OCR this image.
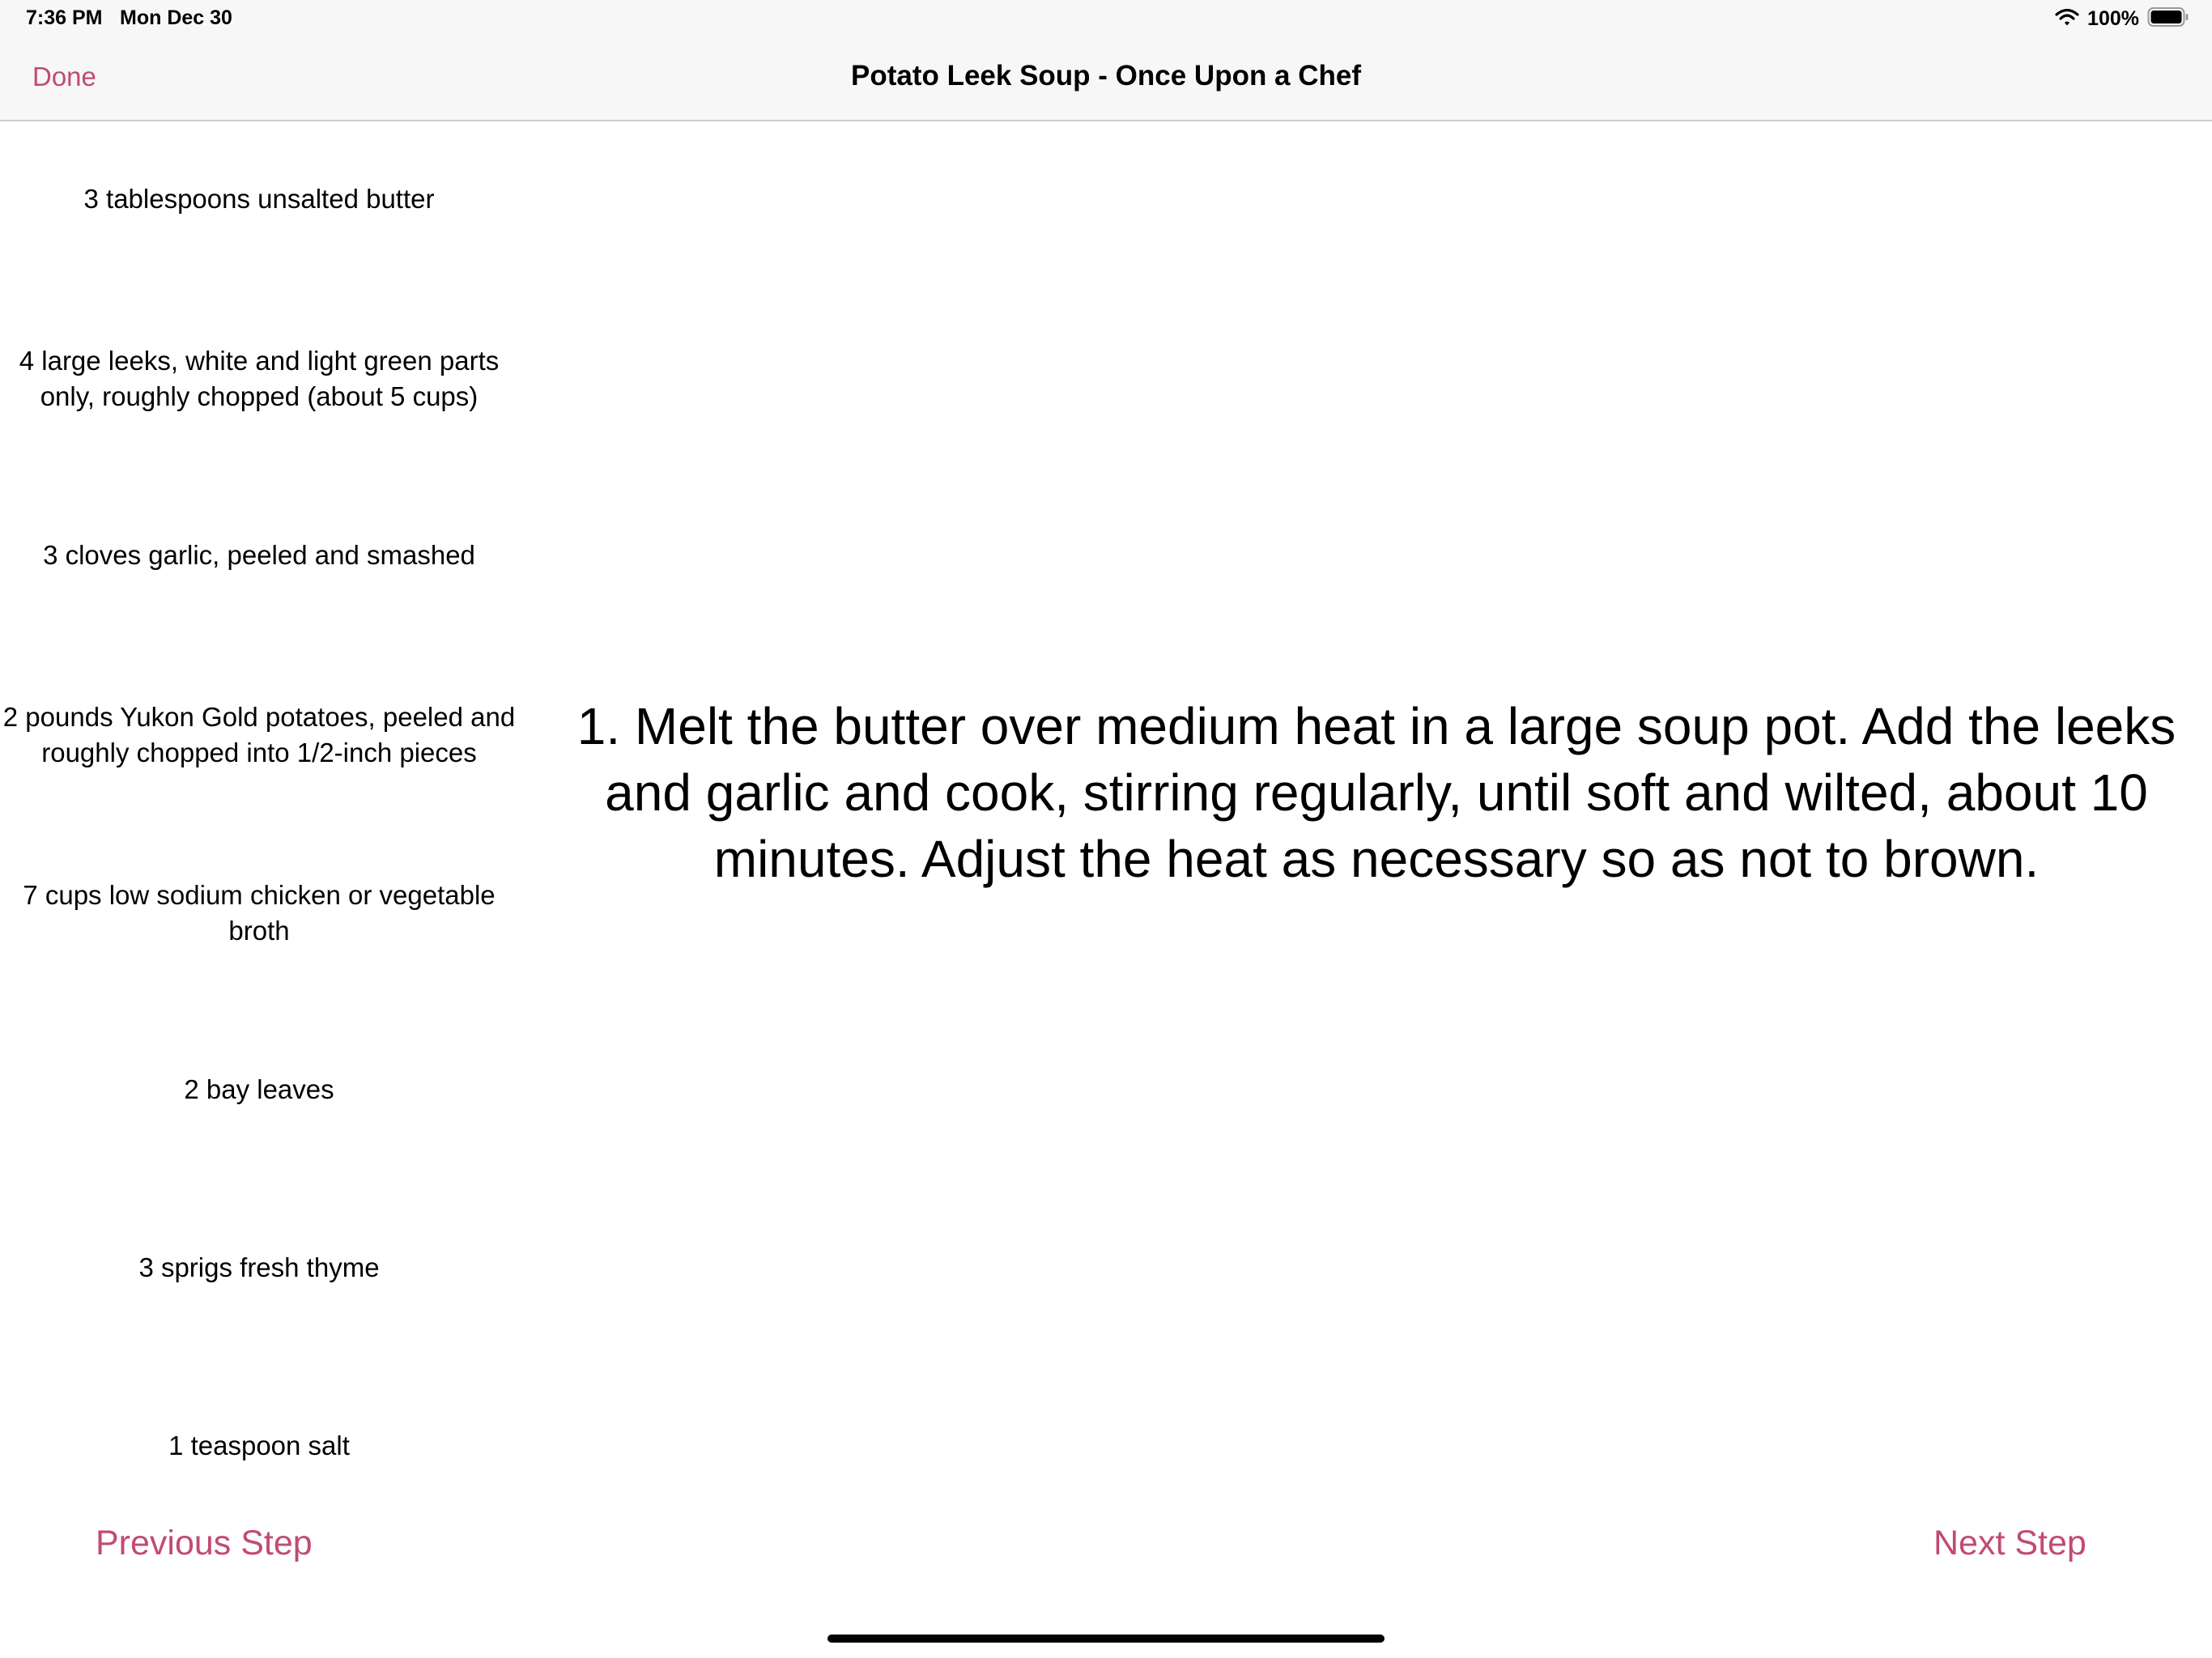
7:36 PM Mon Dec 30	100%
Done	Potato Leek Soup - Once Upon a Chef
3 tablespoons unsalted butter
4 large leeks, white and light green parts only, roughly chopped (about 5 cups)
3 cloves garlic, peeled and smashed
2 pounds Yukon Gold potatoes, peeled and roughly chopped into 1/2-inch pieces
7 cups low sodium chicken or vegetable broth
2 bay leaves
3 sprigs fresh thyme
1 teaspoon salt
1. Melt the butter over medium heat in a large soup pot. Add the leeks and garlic and cook, stirring regularly, until soft and wilted, about 10 minutes. Adjust the heat as necessary so as not to brown.
Previous Step	Next Step
